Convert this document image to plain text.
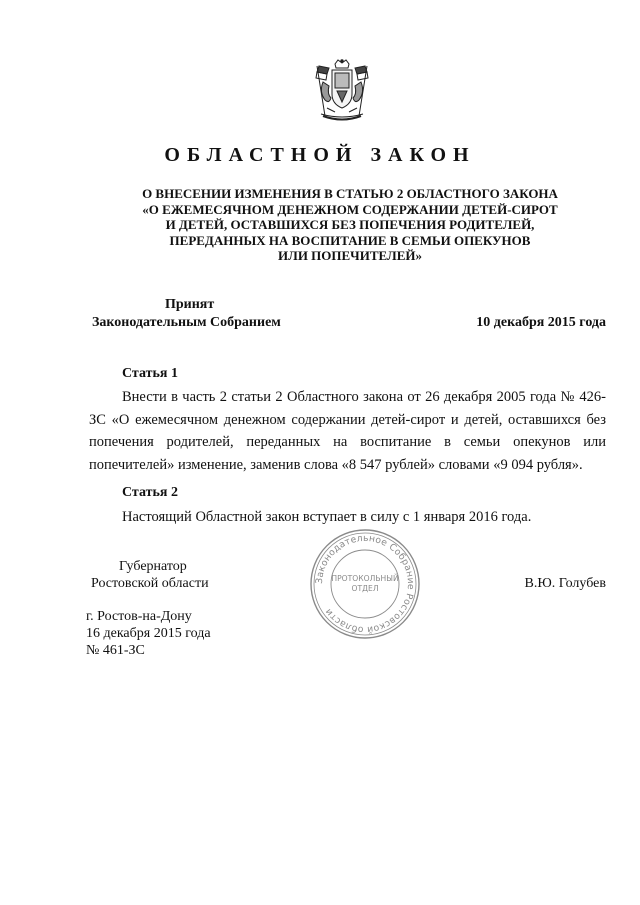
ОБЛАСТНОЙ ЗАКОН
О ВНЕСЕНИИ ИЗМЕНЕНИЯ В СТАТЬЮ 2 ОБЛАСТНОГО ЗАКОНА
«О ЕЖЕМЕСЯЧНОМ ДЕНЕЖНОМ СОДЕРЖАНИИ ДЕТЕЙ-СИРОТ
И ДЕТЕЙ, ОСТАВШИХСЯ БЕЗ ПОПЕЧЕНИЯ РОДИТЕЛЕЙ,
ПЕРЕДАННЫХ НА ВОСПИТАНИЕ В СЕМЬИ ОПЕКУНОВ
ИЛИ ПОПЕЧИТЕЛЕЙ»
Принят
Законодательным Собранием	10 декабря 2015 года
Статья 1
Внести в часть 2 статьи 2 Областного закона от 26 декабря 2005 года № 426-ЗС «О ежемесячном денежном содержании детей-сирот и детей, оставшихся без попечения родителей, переданных на воспитание в семьи опекунов или попечителей» изменение, заменив слова «8 547 рублей» словами «9 094 рубля».
Статья 2
Настоящий Областной закон вступает в силу с 1 января 2016 года.
Губернатор
Ростовской области	В.Ю. Голубев
г. Ростов-на-Дону
16 декабря 2015 года
№ 461-ЗС
Законодательное Собрание Ростовской области
ПРОТОКОЛЬНЫЙ
ОТДЕЛ
